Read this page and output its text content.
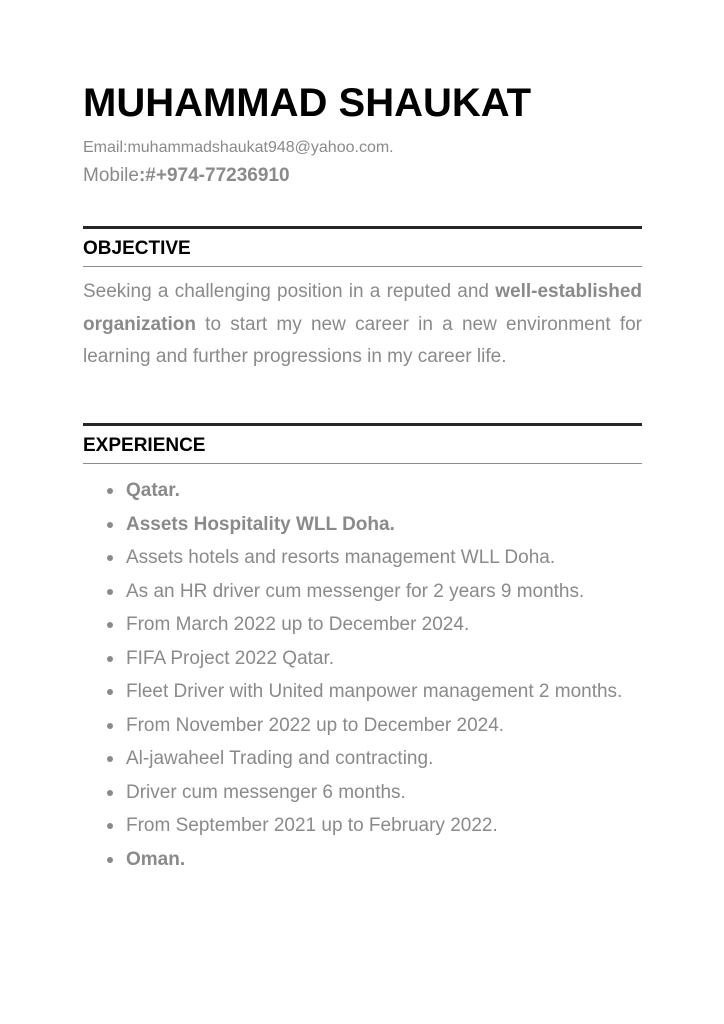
MUHAMMAD SHAUKAT
Email:muhammadshaukat948@yahoo.com.
Mobile:#+974-77236910
OBJECTIVE

Seeking a challenging position in a reputed and well-established organization to start my new career in a new environment for learning and further progressions in my career life.

EXPERIENCE
Qatar.
Assets Hospitality WLL Doha.
Assets hotels and resorts management WLL Doha.
As an HR driver cum messenger for 2 years 9 months.
From March 2022 up to December 2024.
FIFA Project 2022 Qatar.
Fleet Driver with United manpower management 2 months.
From November 2022 up to December 2024.
Al-jawaheel Trading and contracting.
Driver cum messenger 6 months.
From September 2021 up to February 2022.
Oman.
